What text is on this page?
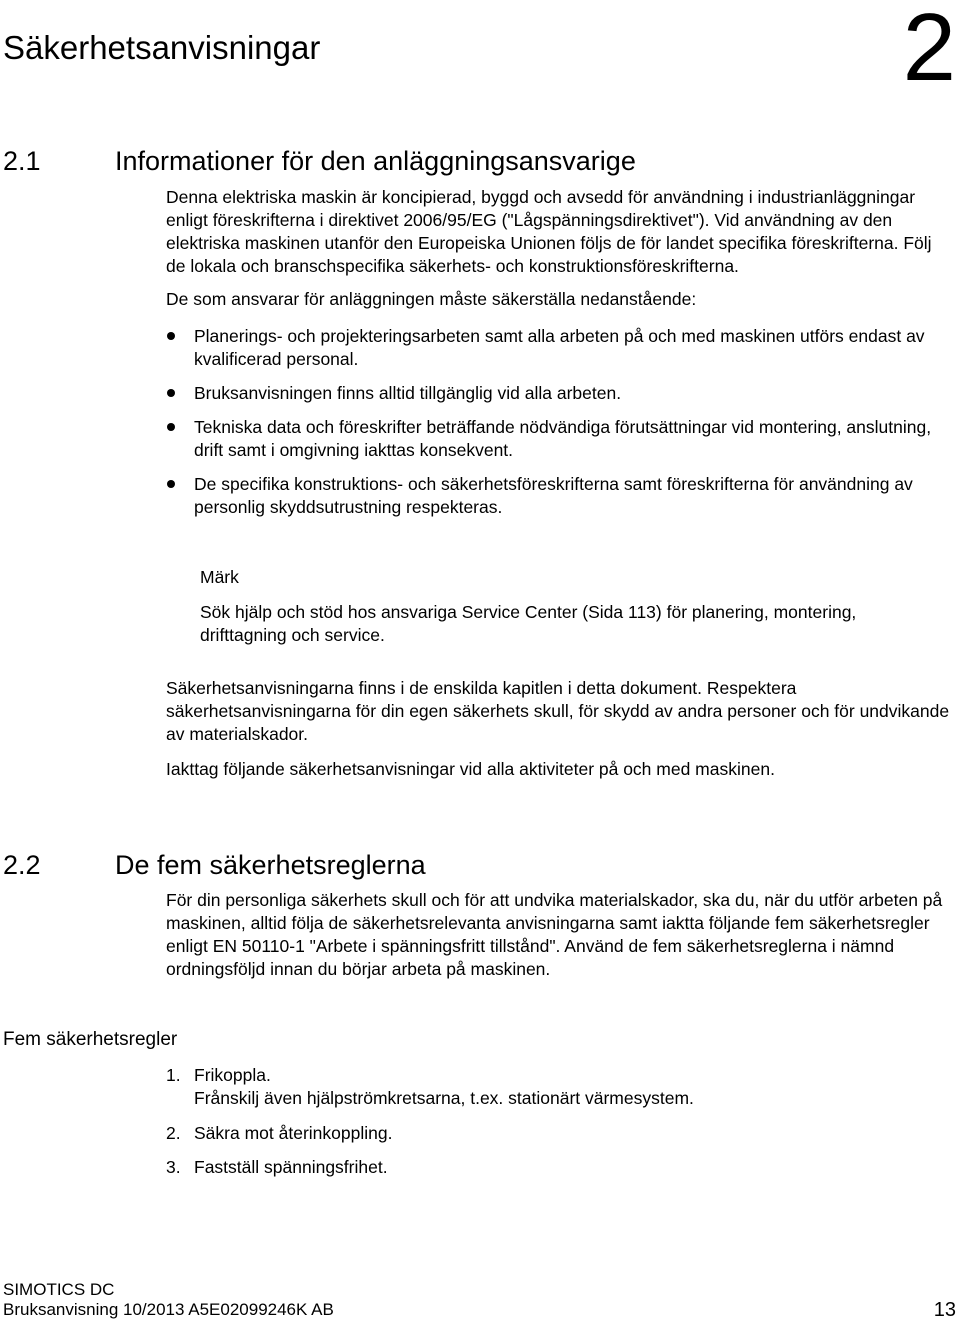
Säkerhetsanvisningar	2
2.1	Informationer för den anläggningsansvarige

Denna elektriska maskin är koncipierad, byggd och avsedd för användning i industrianläggningar enligt föreskrifterna i direktivet 2006/95/EG ("Lågspänningsdirektivet"). Vid användning av den elektriska maskinen utanför den Europeiska Unionen följs de för landet specifika föreskrifterna. Följ de lokala och branschspecifika säkerhets- och konstruktionsföreskrifterna.

De som ansvarar för anläggningen måste säkerställa nedanstående:

Planerings- och projekteringsarbeten samt alla arbeten på och med maskinen utförs endast av kvalificerad personal.
Bruksanvisningen finns alltid tillgänglig vid alla arbeten.
Tekniska data och föreskrifter beträffande nödvändiga förutsättningar vid montering, anslutning, drift samt i omgivning iakttas konsekvent.
De specifika konstruktions- och säkerhetsföreskrifterna samt föreskrifterna för användning av personlig skyddsutrustning respekteras.
Märk
Sök hjälp och stöd hos ansvariga Service Center (Sida 113) för planering, montering, drifttagning och service.

Säkerhetsanvisningarna finns i de enskilda kapitlen i detta dokument. Respektera säkerhetsanvisningarna för din egen säkerhets skull, för skydd av andra personer och för undvikande av materialskador.

Iakttag följande säkerhetsanvisningar vid alla aktiviteter på och med maskinen.

2.2	De fem säkerhetsreglerna

För din personliga säkerhets skull och för att undvika materialskador, ska du, när du utför arbeten på maskinen, alltid följa de säkerhetsrelevanta anvisningarna samt iaktta följande fem säkerhetsregler enligt EN 50110-1 "Arbete i spänningsfritt tillstånd". Använd de fem säkerhetsreglerna i nämnd ordningsföljd innan du börjar arbeta på maskinen.

Fem säkerhetsregler
1. Frikoppla.
Frånskilj även hjälpströmkretsarna, t.ex. stationärt värmesystem.
2. Säkra mot återinkoppling.
3. Fastställ spänningsfrihet.
SIMOTICS DC
Bruksanvisning 10/2013 A5E02099246K AB	13
